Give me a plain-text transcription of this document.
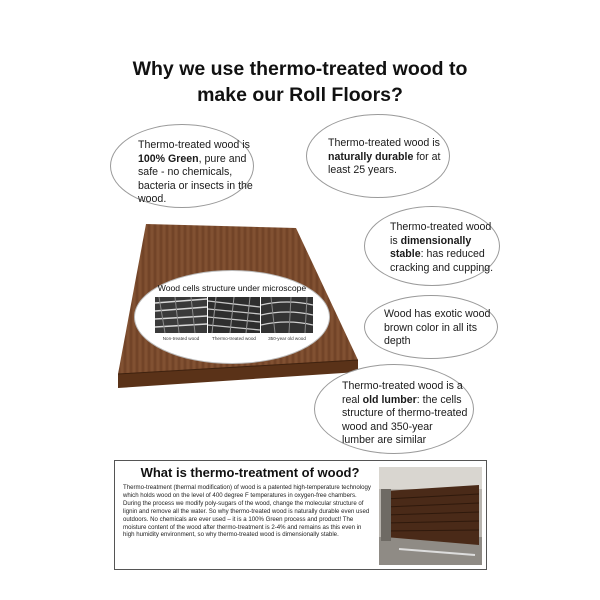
Why we use thermo-treated wood to
make our Roll Floors?
Wood cells structure under microscope
Non-treated wood	Thermo-treated wood	350-year old wood
Thermo-treated wood is 100% Green, pure and safe - no chemicals, bacteria or insects in the wood.
Thermo-treated wood is naturally durable for at least 25 years.
Thermo-treated wood is dimensionally stable: has reduced cracking and cupping.
Wood has exotic wood brown color in all its depth
Thermo-treated wood is a real old lumber: the cells structure of thermo-treated wood and 350-year lumber are similar
What is thermo-treatment of wood?
Thermo-treatment (thermal modification) of wood is a patented high-temperature technology which holds wood on the level of 400 degree F temperatures in oxygen-free chambers. During the process we modify poly-sugars of the wood, change the molecular structure of lignin and remove all the water. So why thermo-treated wood is naturally durable even used outdoors. No chemicals are ever used – it is a 100% Green process and product! The moisture content of the wood after thermo-treatment is 2-4% and remains as this even in high humidity environment, so why thermo-treated wood is dimensionally stable.
